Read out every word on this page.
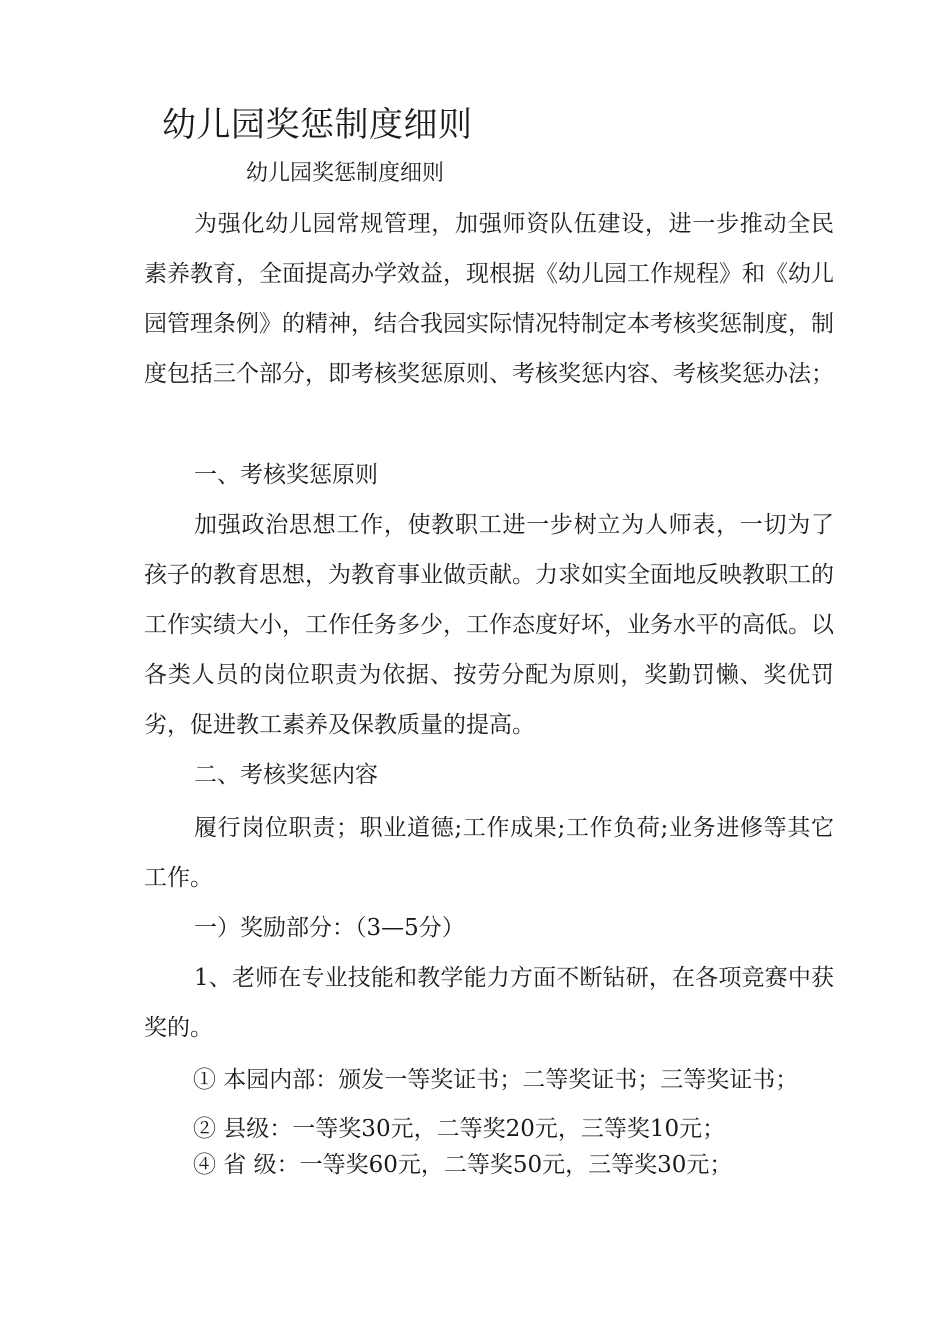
幼儿园奖惩制度细则
幼儿园奖惩制度细则

为强化幼儿园常规管理，加强师资队伍建设，进一步推动全民素养教育，全面提高办学效益，现根据《幼儿园工作规程》和《幼儿园管理条例》的精神，结合我园实际情况特制定本考核奖惩制度，制度包括三个部分，即考核奖惩原则、考核奖惩内容、考核奖惩办法；

一、考核奖惩原则

加强政治思想工作，使教职工进一步树立为人师表，一切为了孩子的教育思想，为教育事业做贡献。力求如实全面地反映教职工的工作实绩大小，工作任务多少，工作态度好坏，业务水平的高低。以各类人员的岗位职责为依据、按劳分配为原则，奖勤罚懒、奖优罚劣，促进教工素养及保教质量的提高。

二、考核奖惩内容

履行岗位职责；职业道德;工作成果;工作负荷;业务进修等其它工作。

一）奖励部分：（3—5分）

1、老师在专业技能和教学能力方面不断钻研，在各项竞赛中获奖的。

① 本园内部：颁发一等奖证书；二等奖证书；三等奖证书；

② 县级：一等奖30元，二等奖20元，三等奖10元；

④ 省 级：一等奖60元，二等奖50元，三等奖30元；
